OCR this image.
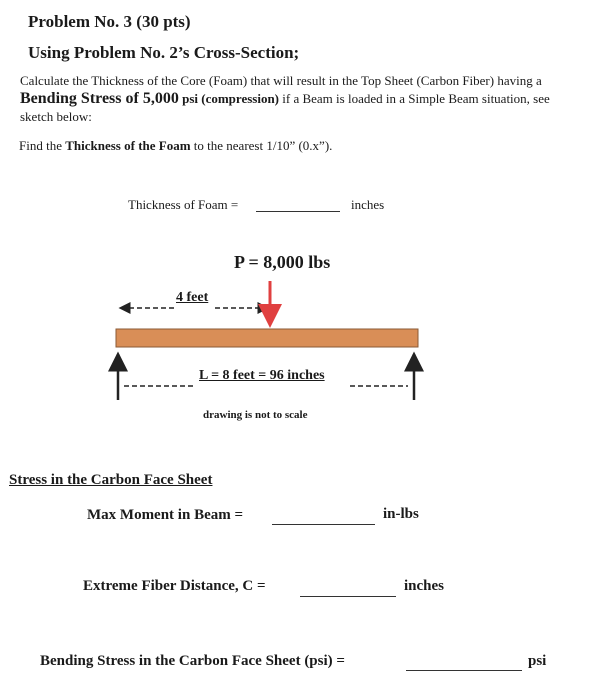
Problem No. 3 (30 pts)
Using Problem No. 2’s Cross-Section;
Calculate the Thickness of the Core (Foam) that will result in the Top Sheet (Carbon Fiber) having a Bending Stress of 5,000 psi (compression) if a Beam is loaded in a Simple Beam situation, see sketch below:
Find the Thickness of the Foam to the nearest 1/10” (0.x”).
Thickness of Foam =	inches
P = 8,000 lbs
4 feet
L = 8 feet = 96 inches
drawing is not to scale
Stress in the Carbon Face Sheet
Max Moment in Beam =	in-lbs
Extreme Fiber Distance, C =	inches
Bending Stress in the Carbon Face Sheet (psi) =	psi
